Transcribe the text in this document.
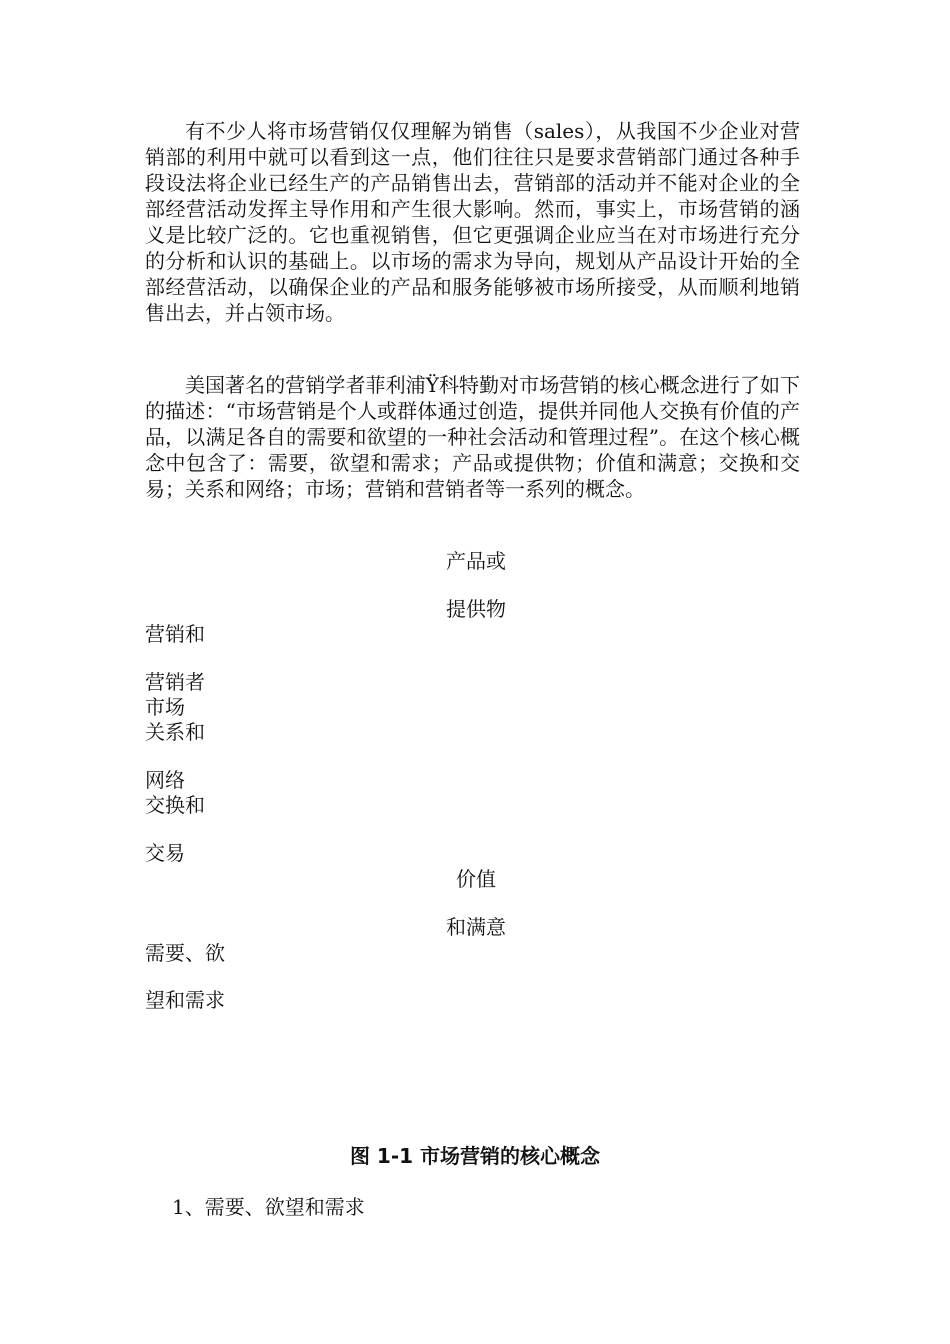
有不少人将市场营销仅仅理解为销售（sales），从我国不少企业对营销部的利用中就可以看到这一点，他们往往只是要求营销部门通过各种手段设法将企业已经生产的产品销售出去，营销部的活动并不能对企业的全部经营活动发挥主导作用和产生很大影响。然而，事实上，市场营销的涵义是比较广泛的。它也重视销售，但它更强调企业应当在对市场进行充分的分析和认识的基础上。以市场的需求为导向，规划从产品设计开始的全部经营活动，以确保企业的产品和服务能够被市场所接受，从而顺利地销售出去，并占领市场。

美国著名的营销学者菲利浦Ÿ科特勤对市场营销的核心概念进行了如下的描述：“市场营销是个人或群体通过创造，提供并同他人交换有价值的产品，以满足各自的需要和欲望的一种社会活动和管理过程”。在这个核心概念中包含了：需要，欲望和需求；产品或提供物；价值和满意；交换和交易；关系和网络；市场；营销和营销者等一系列的概念。

产品或

提供物

营销和

营销者

市场

关系和

网络

交换和

交易

价值

和满意

需要、欲

望和需求

图 1-1 市场营销的核心概念

1、需要、欲望和需求
